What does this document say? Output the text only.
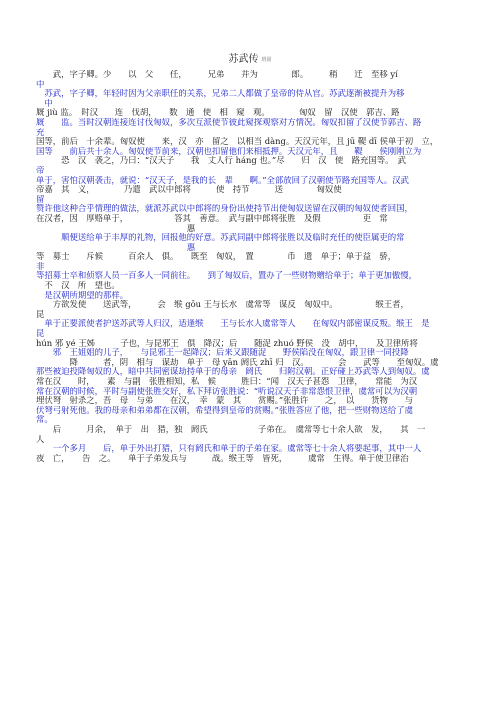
苏武传 班固
　　武，字子卿。少　　以　父　　任，　　　兄弟　　并为　　　　郎。　　　稍　　迁　至移 yí
中
　苏武，字子卿，年轻时因为父亲职任的关系，兄弟二人都做了皇帝的侍从官。苏武逐渐被提升为移
　中
厩 jiù 监。　时汉　　连　伐胡，　　数　通　使　相　窥　观。　　　　匈奴　留　汉使　郭吉、路
厩　　监。当时汉朝连接连讨伐匈奴，多次互派使节彼此窥探观察对方情况。匈奴扣留了汉使节郭吉、路
充
国等，前后　十余辈。匈奴使　　来，汉　亦　留之　以相当 dàng。天汉元年，且 jū 鞮 dī 侯单于初　立，
国等　　前后共十余人。匈奴使节前来，汉朝也扣留他们来相抵押。天汉元年，且　　鞮　　侯刚刚立为
　　　恐　汉　袭之，乃曰：“汉天子　　我　丈人行 háng 也。”尽　　归　汉　使　路充国等。　武
帝
单于，害怕汉朝袭击，就说：“汉天子，是我的长　辈　　啊。”全部放回了汉朝使节路充国等人。汉武
帝嘉　其　义，　　　　乃遣　武以中郎将　　　使　持节　　　送　　　　匈奴使
留
赞许他这种合乎情理的做法，就派苏武以中郎将的身份出使持节出使匈奴送留在汉朝的匈奴使者回国，
在汉者，因　厚赂单于，　　　　　　答其　善意。　武与副中郎将张胜　及假　　　　　吏　常
　　　　　　　　　　　　　　　　　　惠
　　　顺便送给单于丰厚的礼物，回报他的好意。苏武同副中郎将张胜以及临时充任的使臣属吏的常
　　　　　　　　　　　　　　　　　　惠
等　募士　　斥候　　　百余人　俱。　　既至　匈奴，　置　　　　币　遗　单于；单于益　骄，
非
等招募士卒和侦察人员一百多人一同前往。　　到了匈奴后，置办了一些财物赠给单于；单于更加傲慢，
　不　汉　所　望也。
　是汉朝所期望的那样。
　　方欲发使　　送武等，　　　会　缑 gōu 王与长水　虞常等　谋反　匈奴中。　　　　　缑王者，
昆
　单于正要派使者护送苏武等人归汉，适逢缑　　王与长水人虞常等人　　在匈奴内部密谋反叛。缑王　是
昆
hún 邪 yé 王姊　　　子也，与昆邪王　俱　降汉；后　　随浞 zhuó 野侯　没　胡中，　　及卫律所将
　　邪　王姐姐的儿子，　　与昆邪王一起降汉；后来又跟随浞　　野侯陷没在匈奴，跟卫律一同投降
　　　　降　　　者，阴　相与　谋劫　单于　母 yān 阏氏 zhī 归　汉。　　　　会　　武等　　至匈奴。虞
那些被迫投降匈奴的人，暗中共同密谋劫持单于的母亲　阏氏　　归附汉朝。正好碰上苏武等人到匈奴。虞
常在汉　　时，　　素　与副　张胜相知，私　候　　　胜曰：“闻　汉天子甚怨　卫律，　　常能　为汉
常在汉朝的时候，平时与副使张胜交好，私下拜访张胜说：“听说汉天子非常怨恨卫律，虞常可以为汉朝
埋伏弩　射杀之，吾　母　与弟　　在汉，　幸　蒙　其　　赏赐。”张胜许　　之，　以　　货物　　与
伏弩弓射死他。我的母亲和弟弟都在汉朝，希望得到皇帝的赏赐。”张胜答应了他，把一些财物送给了虞
常。
　　后　　　月余，　单于　出　猎，独　阏氏　　　　　　子弟在。　虞常等七十余人欲　发，　　其　一
人
　　一个多月　　后，单于外出打猎，只有阏氏和单于的子弟在家。虞常等七十余人将要起事，其中一人
夜　亡，　　告　之。　　单于子弟发兵与　　　战。缑王等　皆死，　　　虞常　生得。单于使卫律治
